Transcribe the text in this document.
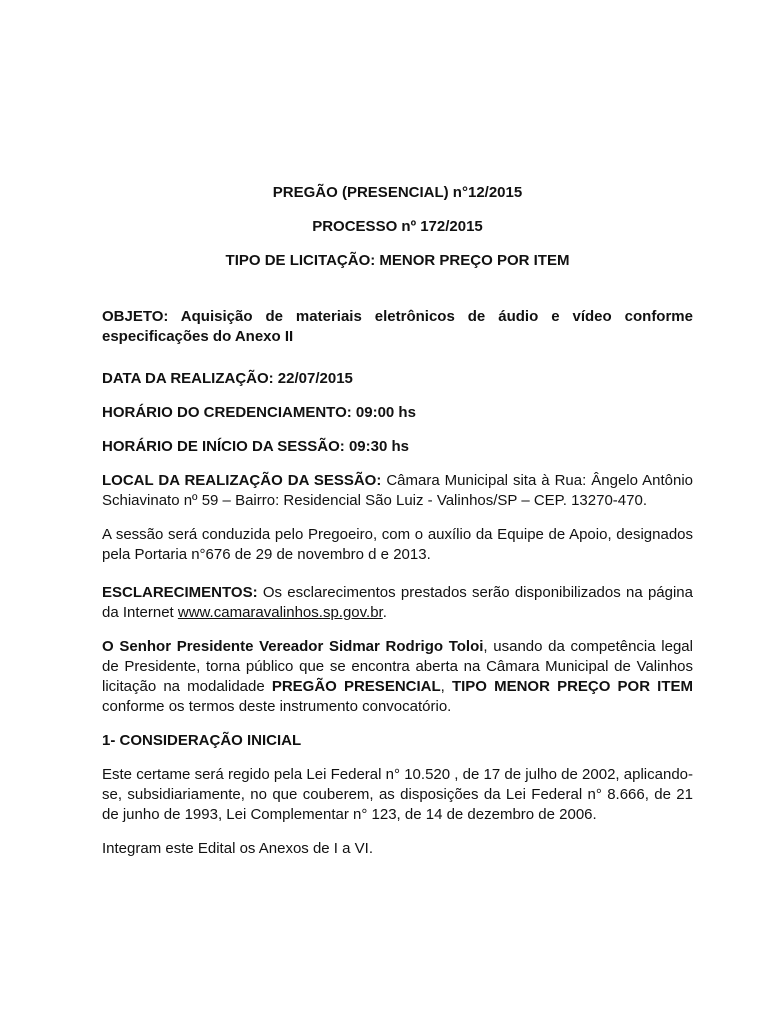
PREGÃO (PRESENCIAL) n°12/2015
PROCESSO nº 172/2015
TIPO DE LICITAÇÃO: MENOR PREÇO POR ITEM

OBJETO: Aquisição de materiais eletrônicos de áudio e vídeo conforme especificações do Anexo II

DATA DA REALIZAÇÃO: 22/07/2015
HORÁRIO DO CREDENCIAMENTO: 09:00 hs
HORÁRIO DE INÍCIO DA SESSÃO: 09:30 hs

LOCAL DA REALIZAÇÃO DA SESSÃO: Câmara Municipal sita à Rua: Ângelo Antônio Schiavinato nº 59 – Bairro: Residencial São Luiz - Valinhos/SP – CEP. 13270-470.

A sessão será conduzida pelo Pregoeiro, com o auxílio da Equipe de Apoio, designados pela Portaria n°676 de 29 de novembro d e 2013.

ESCLARECIMENTOS: Os esclarecimentos prestados serão disponibilizados na página da Internet www.camaravalinhos.sp.gov.br.

O Senhor Presidente Vereador Sidmar Rodrigo Toloi, usando da competência legal de Presidente, torna público que se encontra aberta na Câmara Municipal de Valinhos licitação na modalidade PREGÃO PRESENCIAL, TIPO MENOR PREÇO POR ITEM conforme os termos deste instrumento convocatório.

1- CONSIDERAÇÃO INICIAL

Este certame será regido pela Lei Federal n° 10.520 , de 17 de julho de 2002, aplicando-se, subsidiariamente, no que couberem, as disposições da Lei Federal n° 8.666, de 21 de junho de 1993, Lei Complementar n° 123, de 14 de dezembro de 2006.

Integram este Edital os Anexos de I a VI.
